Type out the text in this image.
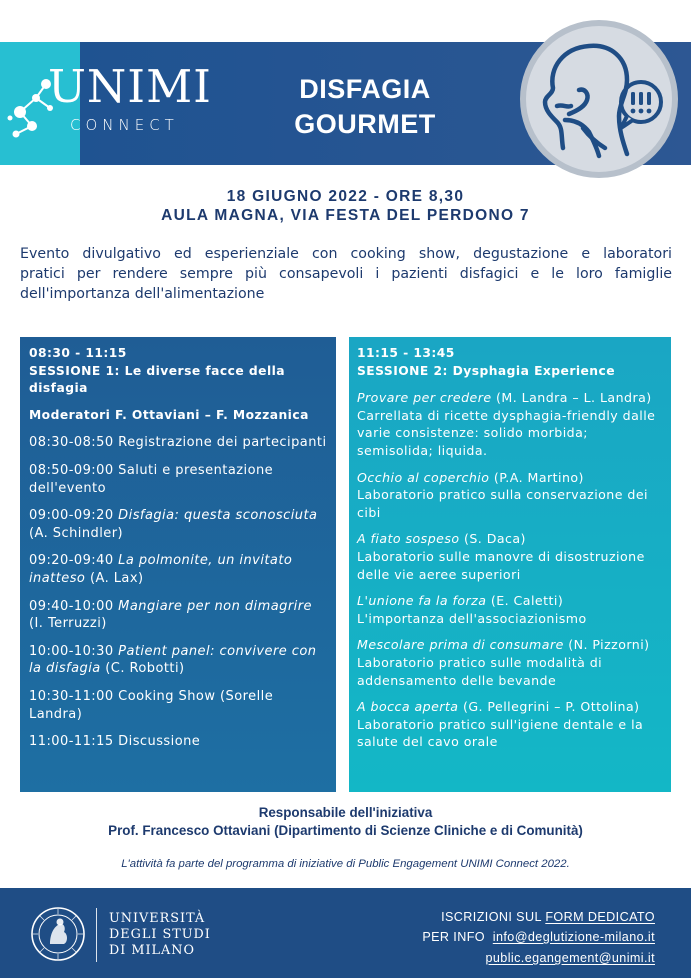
UNIMI
CONNECT
DISFAGIA
GOURMET
18 GIUGNO 2022 - ORE 8,30
AULA MAGNA, VIA FESTA DEL PERDONO 7
Evento divulgativo ed esperienziale con cooking show, degustazione e laboratori
pratici per rendere sempre più consapevoli i pazienti disfagici e le loro famiglie
dell'importanza dell'alimentazione
08:30 - 11:15
SESSIONE 1: Le diverse facce della disfagia
Moderatori F. Ottaviani – F. Mozzanica
08:30-08:50 Registrazione dei partecipanti
08:50-09:00 Saluti e presentazione dell'evento
09:00-09:20 Disfagia: questa sconosciuta (A. Schindler)
09:20-09:40 La polmonite, un invitato inatteso (A. Lax)
09:40-10:00 Mangiare per non dimagrire (I. Terruzzi)
10:00-10:30 Patient panel: convivere con la disfagia (C. Robotti)
10:30-11:00 Cooking Show (Sorelle Landra)
11:00-11:15 Discussione
11:15 - 13:45
SESSIONE 2: Dysphagia Experience
Provare per credere (M. Landra – L. Landra)
Carrellata di ricette dysphagia-friendly dalle varie consistenze: solido morbida; semisolida; liquida.
Occhio al coperchio (P.A. Martino)
Laboratorio pratico sulla conservazione dei cibi
A fiato sospeso (S. Daca)
Laboratorio sulle manovre di disostruzione delle vie aeree superiori
L'unione fa la forza (E. Caletti)
L'importanza dell'associazionismo
Mescolare prima di consumare (N. Pizzorni)
Laboratorio pratico sulle modalità di addensamento delle bevande
A bocca aperta (G. Pellegrini – P. Ottolina)
Laboratorio pratico sull'igiene dentale e la salute del cavo orale
Responsabile dell'iniziativa
Prof. Francesco Ottaviani (Dipartimento di Scienze Cliniche e di Comunità)
L'attività fa parte del programma di iniziative di Public Engagement UNIMI Connect 2022.
UNIVERSITÀ
DEGLI STUDI
DI MILANO
ISCRIZIONI SUL FORM DEDICATO
PER INFO  info@deglutizione-milano.it
public.egangement@unimi.it
